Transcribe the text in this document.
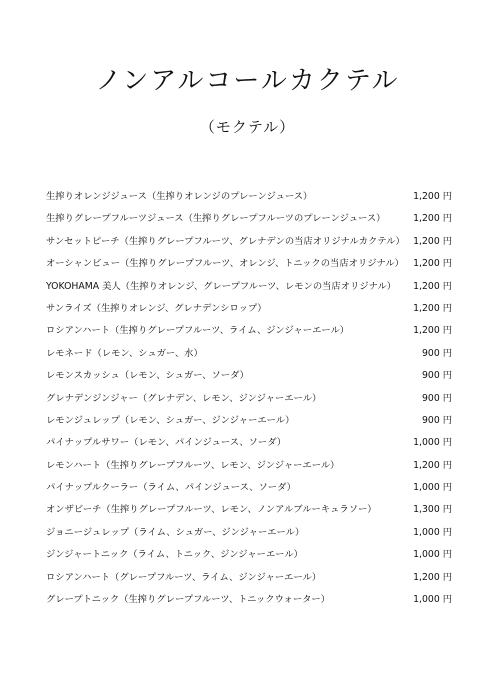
ノンアルコールカクテル

（モクテル）

生搾りオレンジジュース（生搾りオレンジのプレーンジュース）	1,200 円
生搾りグレープフルーツジュース（生搾りグレープフルーツのプレーンジュース）	1,200 円
サンセットピーチ（生搾りグレープフルーツ、グレナデンの当店オリジナルカクテル） 1,200 円
オーシャンビュー（生搾りグレープフルーツ、オレンジ、トニックの当店オリジナル） 1,200 円
YOKOHAMA 美人（生搾りオレンジ、グレープフルーツ、レモンの当店オリジナル）	1,200 円
サンライズ（生搾りオレンジ、グレナデンシロップ）	1,200 円
ロシアンハート（生搾りグレープフルーツ、ライム、ジンジャーエール）	1,200 円
レモネード（レモン、シュガー、水）	900 円
レモンスカッシュ（レモン、シュガー、ソーダ）	900 円
グレナデンジンジャー（グレナデン、レモン、ジンジャーエール）	900 円
レモンジュレップ（レモン、シュガー、ジンジャーエール）	900 円
パイナップルサワー（レモン、パインジュース、ソーダ）	1,000 円
レモンハート（生搾りグレープフルーツ、レモン、ジンジャーエール）	1,200 円
パイナップルクーラー（ライム、パインジュース、ソーダ）	1,000 円
オンザビーチ（生搾りグレープフルーツ、レモン、ノンアルブルーキュラソー）	1,300 円
ジョニージュレップ（ライム、シュガー、ジンジャーエール）	1,000 円
ジンジャートニック（ライム、トニック、ジンジャーエール）	1,000 円
ロシアンハート（グレープフルーツ、ライム、ジンジャーエール）	1,200 円
グレープトニック（生搾りグレープフルーツ、トニックウォーター）	1,000 円
